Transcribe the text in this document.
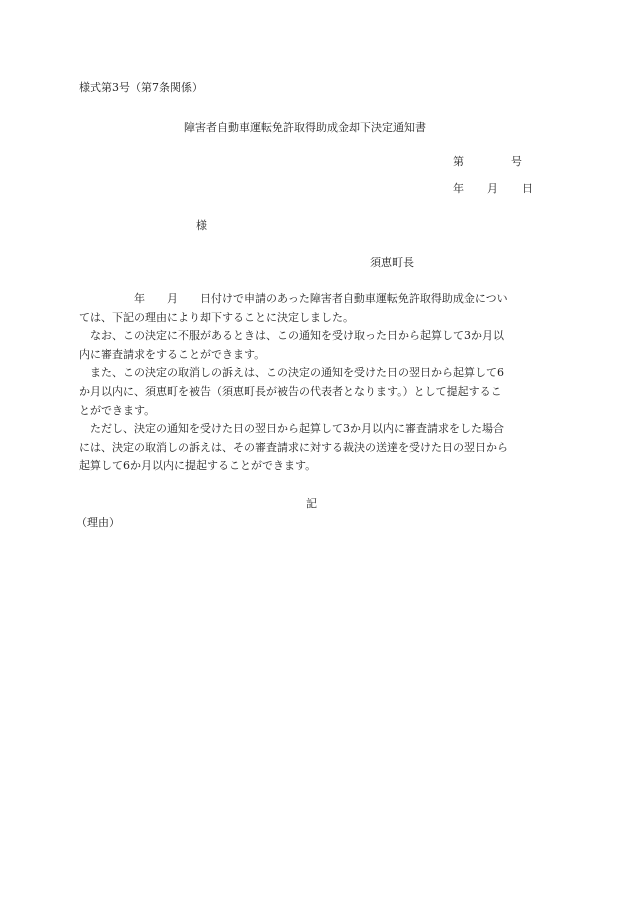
様式第3号（第7条関係）
障害者自動車運転免許取得助成金却下決定通知書
第	号
年 月 日
様
須恵町長

　　　　　年　　月　　日付けで申請のあった障害者自動車運転免許取得助成金につい

ては、下記の理由により却下することに決定しました。

　なお、この決定に不服があるときは、この通知を受け取った日から起算して3か月以

内に審査請求をすることができます。

　また、この決定の取消しの訴えは、この決定の通知を受けた日の翌日から起算して6

か月以内に、須恵町を被告（須恵町長が被告の代表者となります。）として提起するこ

とができます。

　ただし、決定の通知を受けた日の翌日から起算して3か月以内に審査請求をした場合

には、決定の取消しの訴えは、その審査請求に対する裁決の送達を受けた日の翌日から

起算して6か月以内に提起することができます。

記
（理由）
